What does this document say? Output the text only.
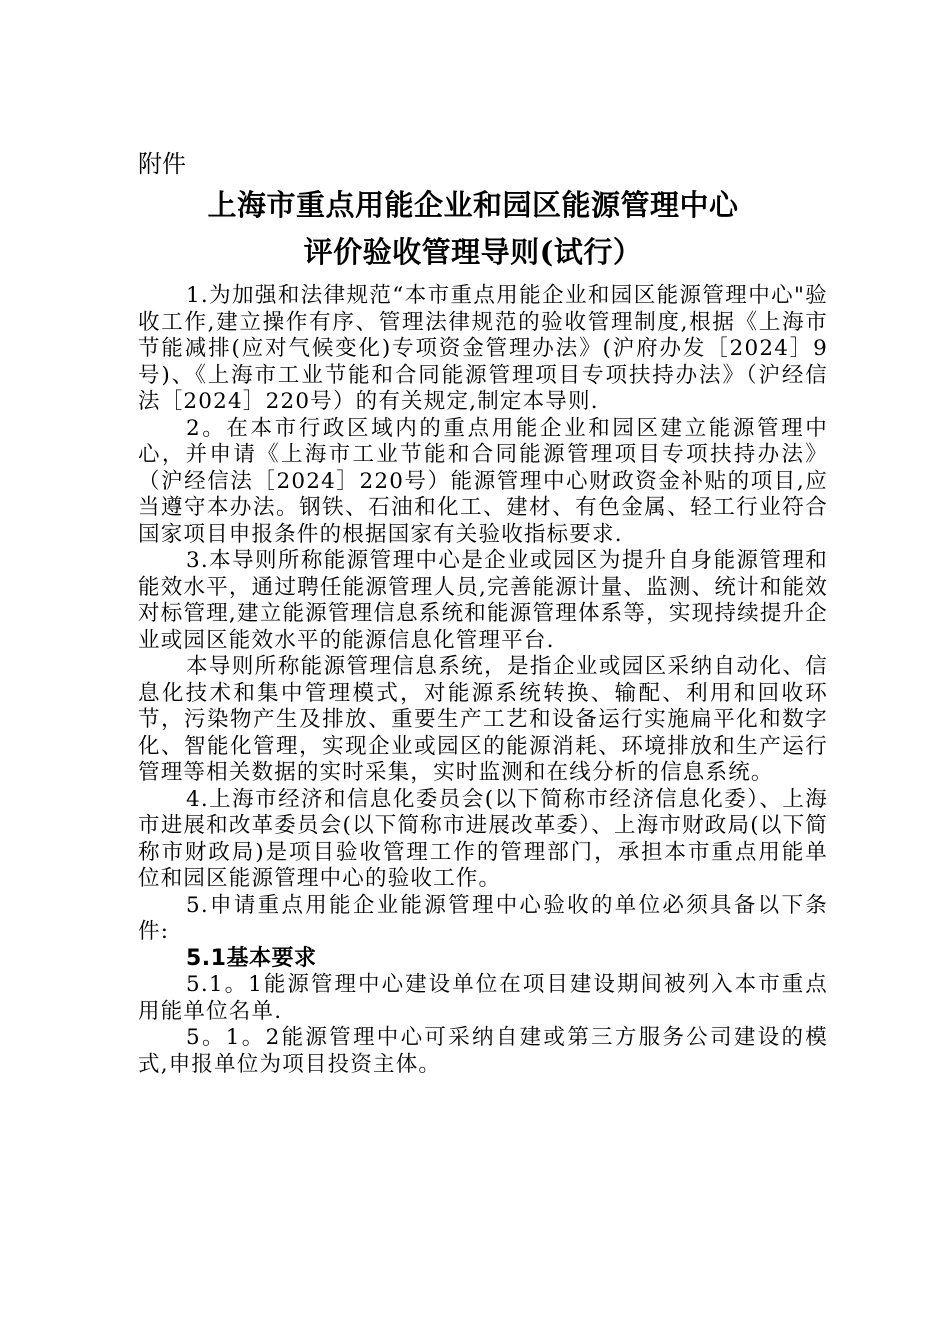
附件
上海市重点用能企业和园区能源管理中心
评价验收管理导则(试行）

1.为加强和法律规范“本市重点用能企业和园区能源管理中心"验收工作,建立操作有序、管理法律规范的验收管理制度,根据《上海市节能减排(应对气候变化)专项资金管理办法》(沪府办发［2024］9号)、《上海市工业节能和合同能源管理项目专项扶持办法》（沪经信法［2024］220号）的有关规定,制定本导则.

2。在本市行政区域内的重点用能企业和园区建立能源管理中心，并申请《上海市工业节能和合同能源管理项目专项扶持办法》（沪经信法［2024］220号）能源管理中心财政资金补贴的项目,应当遵守本办法。钢铁、石油和化工、建材、有色金属、轻工行业符合国家项目申报条件的根据国家有关验收指标要求.

3.本导则所称能源管理中心是企业或园区为提升自身能源管理和能效水平，通过聘任能源管理人员,完善能源计量、监测、统计和能效对标管理,建立能源管理信息系统和能源管理体系等，实现持续提升企业或园区能效水平的能源信息化管理平台.

本导则所称能源管理信息系统，是指企业或园区采纳自动化、信息化技术和集中管理模式，对能源系统转换、输配、利用和回收环节，污染物产生及排放、重要生产工艺和设备运行实施扁平化和数字化、智能化管理，实现企业或园区的能源消耗、环境排放和生产运行管理等相关数据的实时采集，实时监测和在线分析的信息系统。

4.上海市经济和信息化委员会(以下简称市经济信息化委）、上海市进展和改革委员会(以下简称市进展改革委）、上海市财政局(以下简称市财政局)是项目验收管理工作的管理部门，承担本市重点用能单位和园区能源管理中心的验收工作。

5.申请重点用能企业能源管理中心验收的单位必须具备以下条件:

5.1基本要求

5.1。1能源管理中心建设单位在项目建设期间被列入本市重点用能单位名单.

5。1。2能源管理中心可采纳自建或第三方服务公司建设的模式,申报单位为项目投资主体。
